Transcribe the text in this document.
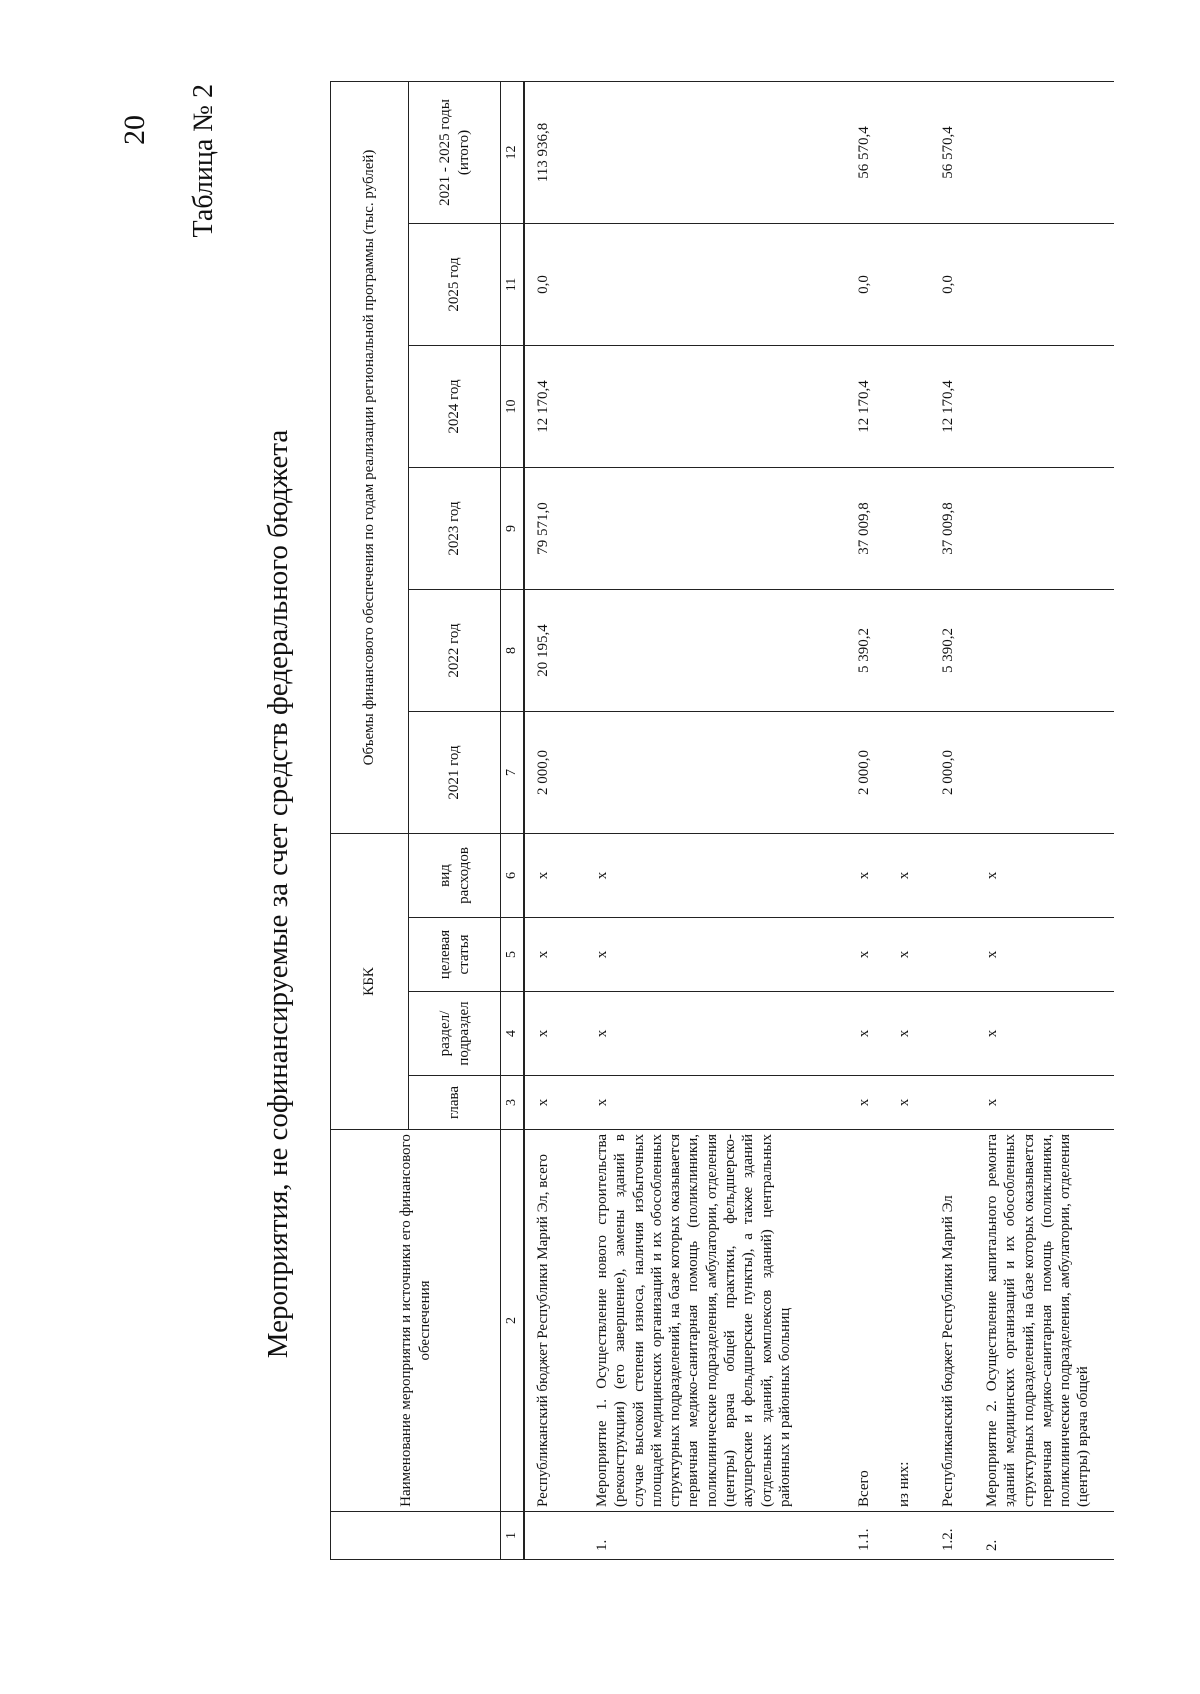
20 Таблица № 2
Мероприятия, не софинансируемые за счет средств федерального бюджета
		Наименование мероприятия и источники его финансового обеспечения	КБК				Объемы финансового обеспечения по годам реализации региональной программы (тыс. рублей)					
		глава	раздел/ подраздел	целевая статья	вид расходов	2021 год	2022 год	2023 год	2024 год	2025 год	2021 - 2025 годы (итого)
1	2	3	4	5	6	7	8	9	10	11	12
	Республиканский бюджет Республики Марий Эл, всего	х	х	х	х	2 000,0	20 195,4	79 571,0	12 170,4	0,0	113 936,8
1.	Мероприятие 1. Осуществление нового строительства (реконструкции) (его завершение), замены зданий в случае высокой степени износа, наличия избыточных площадей медицинских организаций и их обособленных структурных подразделений, на базе которых оказывается первичная медико-санитарная помощь (поликлиники, поликлинические подразделения, амбулатории, отделения (центры) врача общей практики, фельдшерско-акушерские и фельдшерские пункты), а также зданий (отдельных зданий, комплексов зданий) центральных районных и районных больниц	х	х	х	х						
1.1.	Всего	х	х	х	х	2 000,0	5 390,2	37 009,8	12 170,4	0,0	56 570,4
	из них:	х	х	х	х						
1.2.	Республиканский бюджет Республики Марий Эл					2 000,0	5 390,2	37 009,8	12 170,4	0,0	56 570,4
2.	Мероприятие 2. Осуществление капитального ремонта зданий медицинских организаций и их обособленных структурных подразделений, на базе которых оказывается первичная медико-санитарная помощь (поликлиники, поликлинические подразделения, амбулатории, отделения (центры) врача общей	х	х	х	х						
